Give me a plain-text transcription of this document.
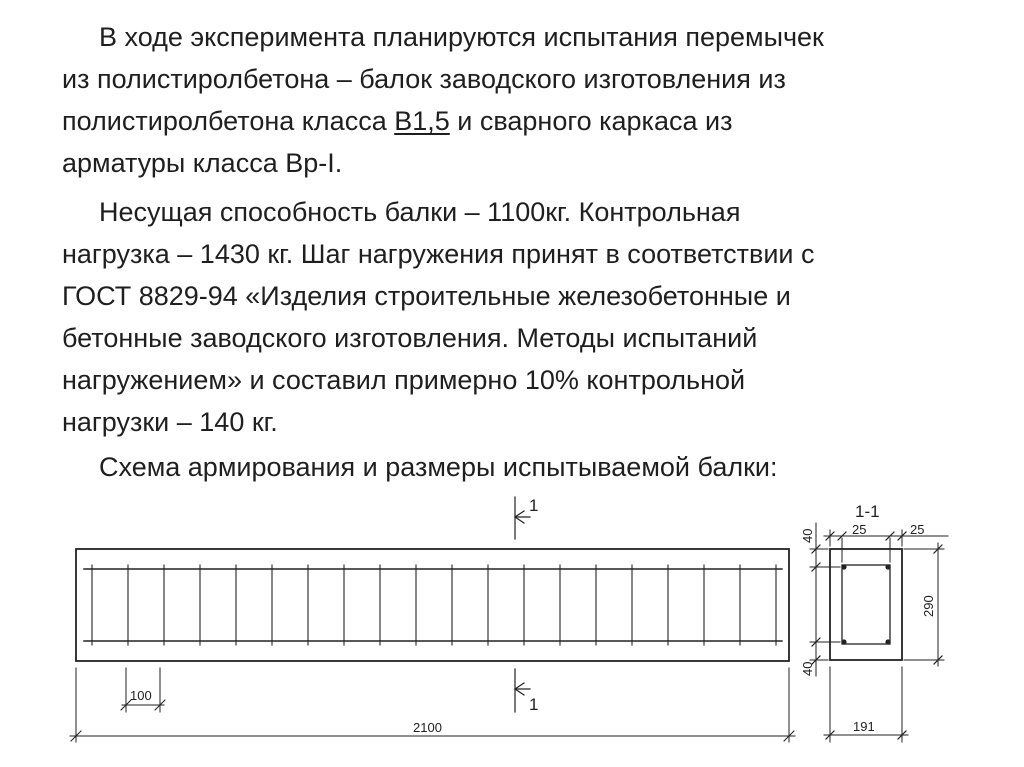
В ходе эксперимента планируются испытания перемычек
из полистиролбетона – балок заводского изготовления из
полистиролбетона класса В1,5 и сварного каркаса из
арматуры класса Вр-I.

Несущая способность балки – 1100кг. Контрольная
нагрузка – 1430 кг. Шаг нагружения принят в соответствии с
ГОСТ 8829-94 «Изделия строительные железобетонные и
бетонные заводского изготовления. Методы испытаний
нагружением» и составил примерно 10% контрольной
нагрузки – 140 кг.

Схема армирования и размеры испытываемой балки:

1
1
100
2100
1-1
25	25
40
40
290
191
